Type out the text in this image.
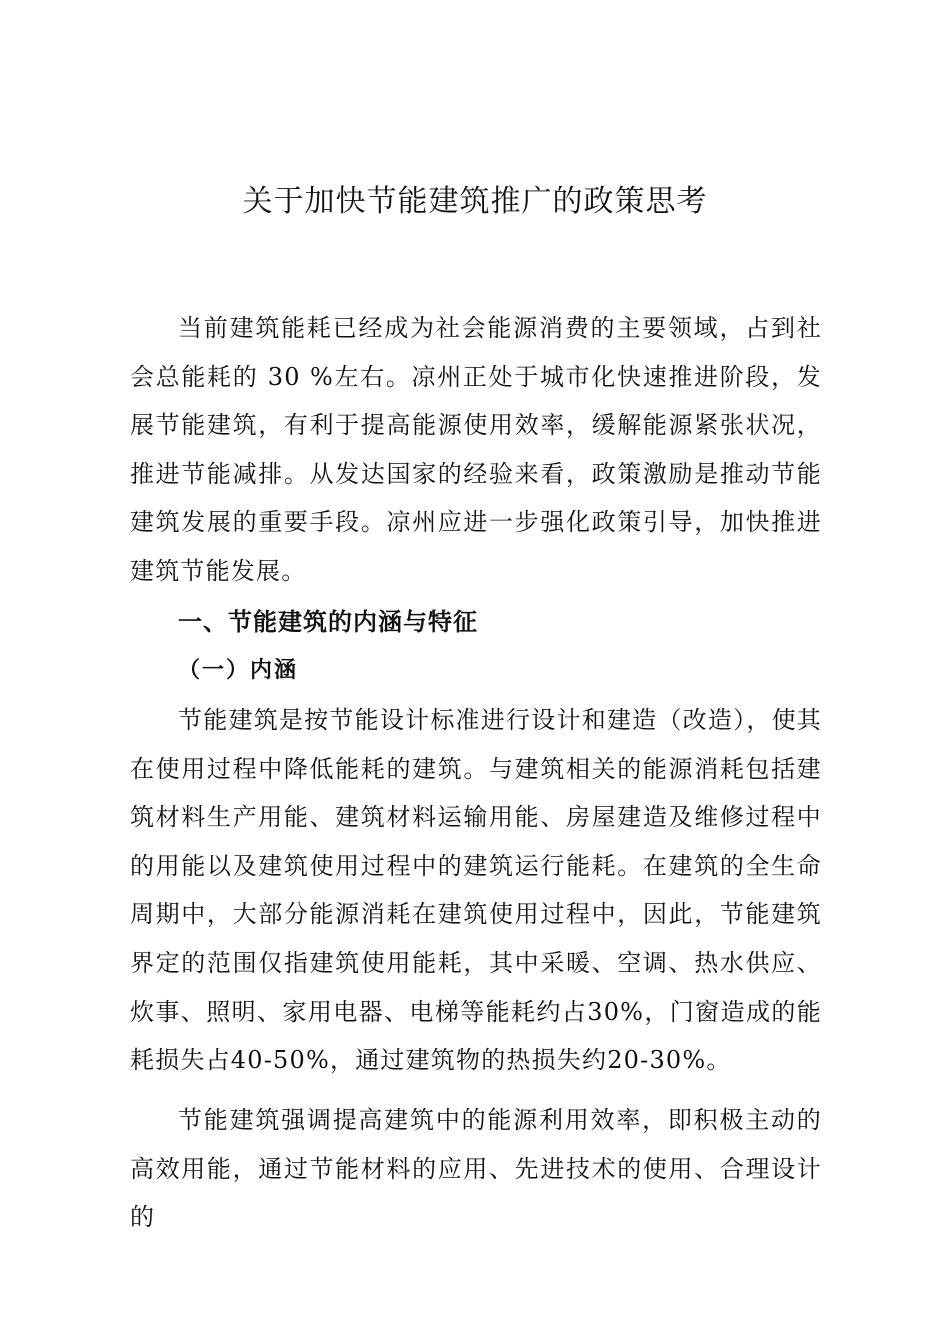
关于加快节能建筑推广的政策思考

当前建筑能耗已经成为社会能源消费的主要领域，占到社会总能耗的 30 %左右。凉州正处于城市化快速推进阶段，发展节能建筑，有利于提高能源使用效率，缓解能源紧张状况，推进节能减排。从发达国家的经验来看，政策激励是推动节能建筑发展的重要手段。凉州应进一步强化政策引导，加快推进建筑节能发展。

一、节能建筑的内涵与特征
（一）内涵

节能建筑是按节能设计标准进行设计和建造（改造），使其在使用过程中降低能耗的建筑。与建筑相关的能源消耗包括建筑材料生产用能、建筑材料运输用能、房屋建造及维修过程中的用能以及建筑使用过程中的建筑运行能耗。在建筑的全生命周期中，大部分能源消耗在建筑使用过程中，因此，节能建筑界定的范围仅指建筑使用能耗，其中采暖、空调、热水供应、炊事、照明、家用电器、电梯等能耗约占30%，门窗造成的能耗损失占40-50%，通过建筑物的热损失约20-30%。

节能建筑强调提高建筑中的能源利用效率，即积极主动的高效用能，通过节能材料的应用、先进技术的使用、合理设计的
